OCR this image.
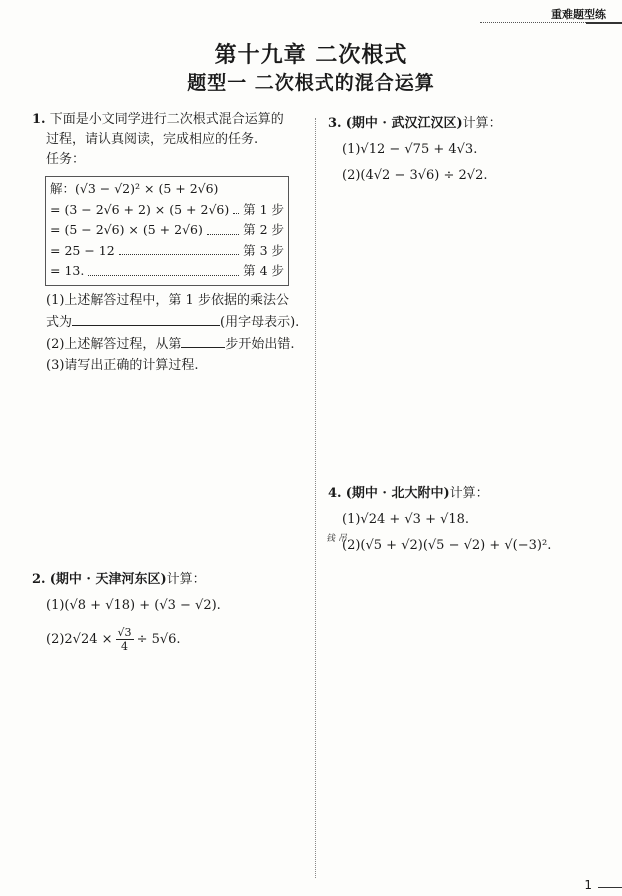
重难题型练
第十九章 二次根式
题型一 二次根式的混合运算
1. 下面是小文同学进行二次根式混合运算的
过程，请认真阅读，完成相应的任务.
任务：
解：(√3 − √2)² × (5 + 2√6)
= (3 − 2√6 + 2) × (5 + 2√6) 第 1 步
= (5 − 2√6) × (5 + 2√6)	第 2 步
= 25 − 12	第 3 步
= 13.	第 4 步
(1)上述解答过程中，第 1 步依据的乘法公
式为	(用字母表示).
(2)上述解答过程，从第	步开始出错.
(3)请写出正确的计算过程.
2. (期中 · 天津河东区)计算：
(1)(√8 + √18) + (√3 − √2).
$(2)2√24 \times \frac{√3}{4} \div 5√6$.
3. (期中 · 武汉江汉区)计算：
(1)√12 − √75 + 4√3.
(2)(4√2 − 3√6) ÷ 2√2.
4. (期中 · 北大附中)计算：
(1)√24 + √3 + √18.
(2)(√5 + √2)(√5 − √2) + √(−3)².
钱 吊
1
